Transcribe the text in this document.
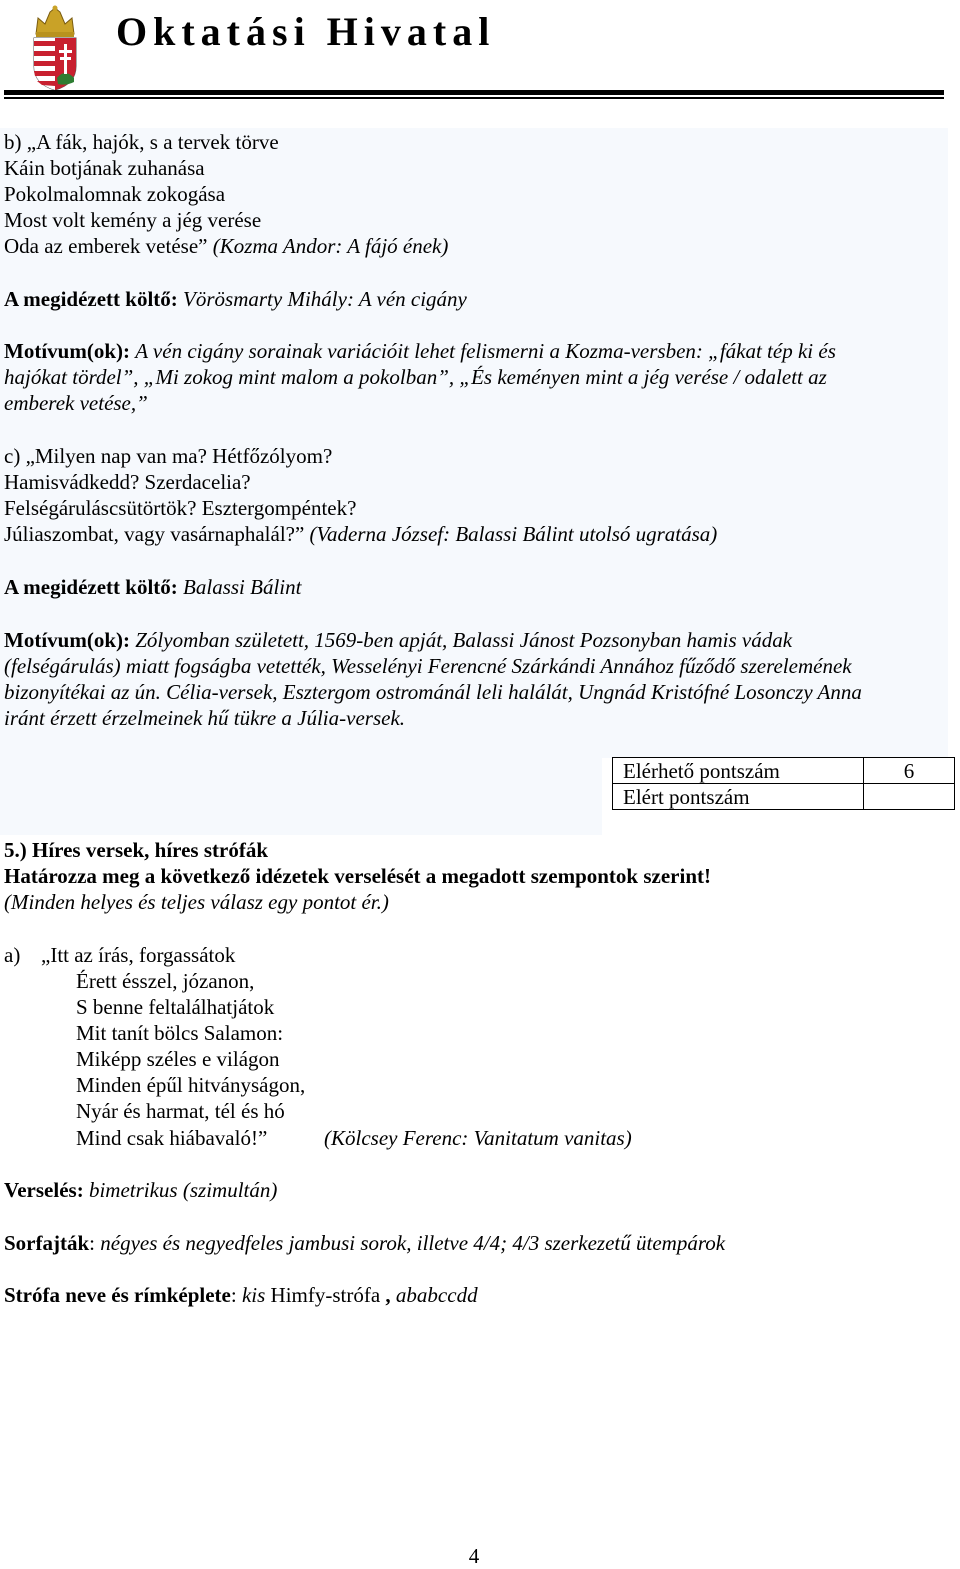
Oktatási Hivatal
b) „A fák, hajók, s a tervek törve
Káin botjának zuhanása
Pokolmalomnak zokogása
Most volt kemény a jég verése
Oda az emberek vetése” (Kozma Andor: A fájó ének)
A megidézett költő: Vörösmarty Mihály: A vén cigány
Motívum(ok): A vén cigány sorainak variációit lehet felismerni a Kozma-versben: „fákat tép ki és
hajókat tördel”, „Mi zokog mint malom a pokolban”, „És keményen mint a jég verése / odalett az
emberek vetése,”
c) „Milyen nap van ma? Hétfőzólyom?
Hamisvádkedd? Szerdacelia?
Felségáruláscsütörtök? Esztergompéntek?
Júliaszombat, vagy vasárnaphalál?” (Vaderna József: Balassi Bálint utolsó ugratása)
A megidézett költő: Balassi Bálint
Motívum(ok): Zólyomban született, 1569-ben apját, Balassi Jánost Pozsonyban hamis vádak
(felségárulás) miatt fogságba vetették, Wesselényi Ferencné Szárkándi Annához fűződő szerelemének
bizonyítékai az ún. Célia-versek, Esztergom ostrománál leli halálát, Ungnád Kristófné Losonczy Anna
iránt érzett érzelmeinek hű tükre a Júlia-versek.
Elérhető pontszám	6
Elért pontszám	
5.) Híres versek, híres strófák
Határozza meg a következő idézetek verselését a megadott szempontok szerint!
(Minden helyes és teljes válasz egy pontot ér.)
a) „Itt az írás, forgassátok
Érett ésszel, józanon,
S benne feltalálhatjátok
Mit tanít bölcs Salamon:
Miképp széles e világon
Minden épűl hitványságon,
Nyár és harmat, tél és hó
Mind csak hiábavaló!”	(Kölcsey Ferenc: Vanitatum vanitas)
Verselés: bimetrikus (szimultán)
Sorfajták: négyes és negyedfeles jambusi sorok, illetve 4/4; 4/3 szerkezetű ütempárok
Strófa neve és rímképlete: kis Himfy-strófa , ababccdd
4
